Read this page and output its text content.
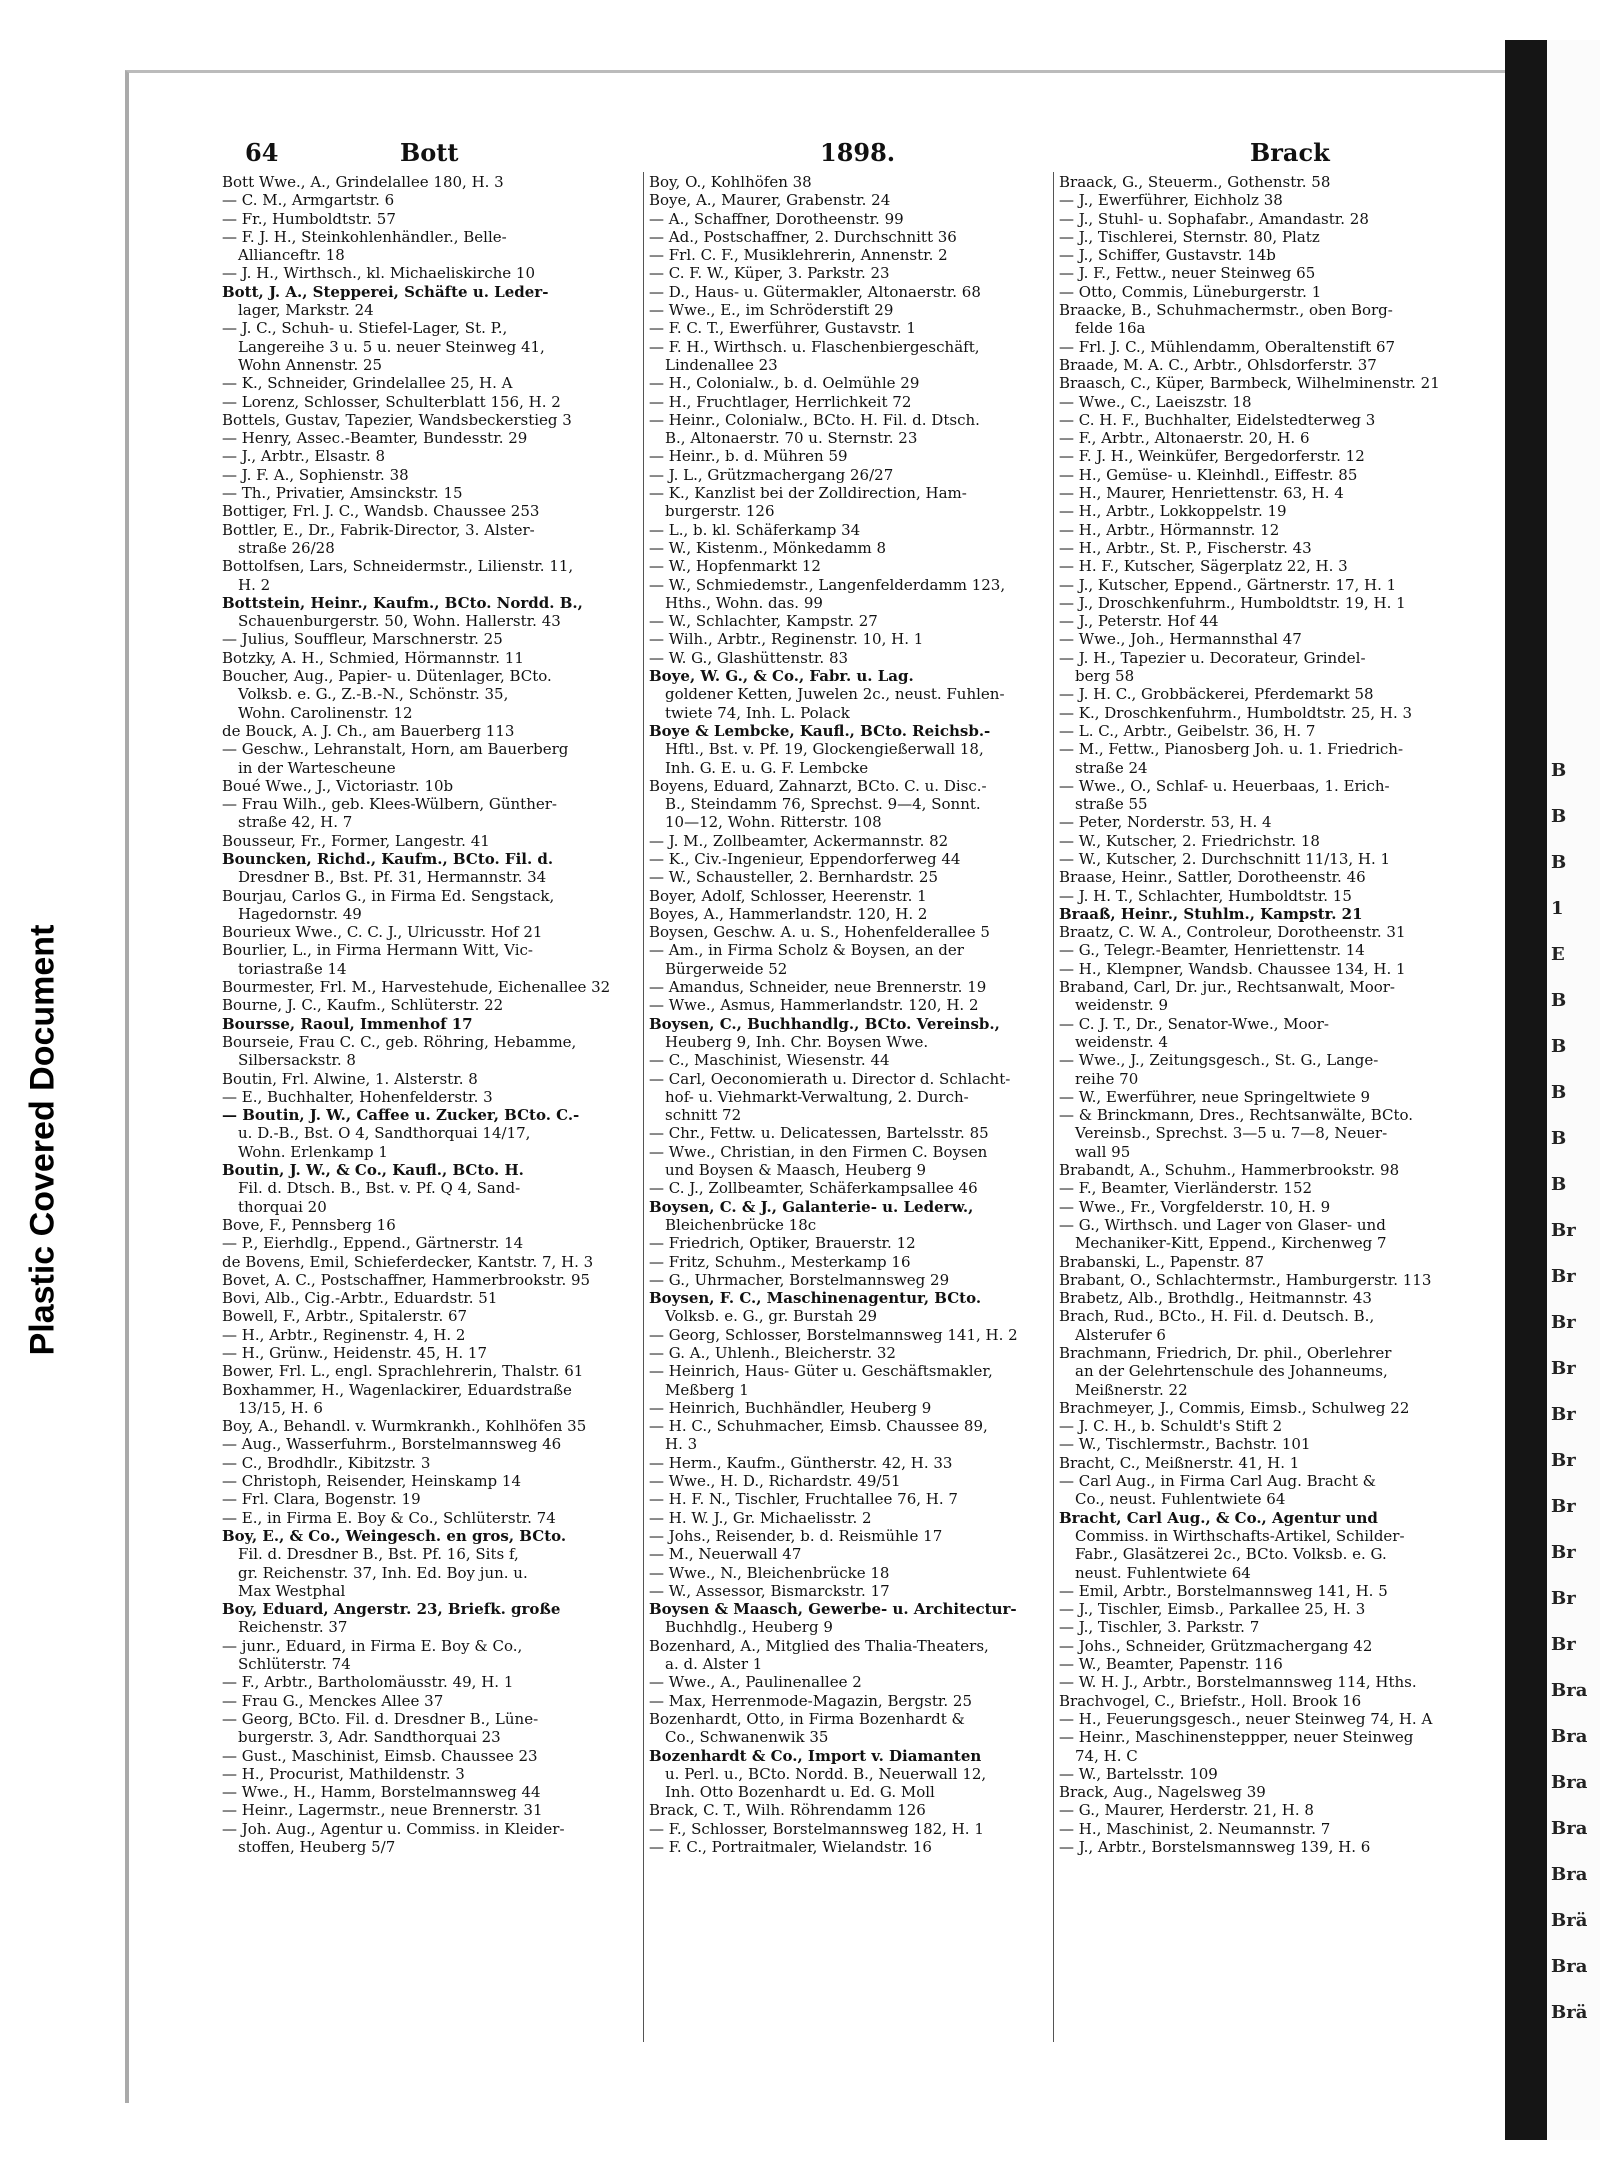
Plastic Covered Document
B
B
B
1
E
B
B
B
B
B
Br
Br
Br
Br
Br
Br
Br
Br
Br
Br
Bra
Bra
Bra
Bra
Bra
Brä
Bra
Brä
64	Bott	1898.	Brack
Bott Wwe., A., Grindelallee 180, H. 3
— C. M., Armgartstr. 6
— Fr., Humboldtstr. 57
— F. J. H., Steinkohlenhändler., Belle-
Allianceftr. 18
— J. H., Wirthsch., kl. Michaeliskirche 10
Bott, J. A., Stepperei, Schäfte u. Leder-
lager, Markstr. 24
— J. C., Schuh- u. Stiefel-Lager, St. P.,
Langereihe 3 u. 5 u. neuer Steinweg 41,
Wohn Annenstr. 25
— K., Schneider, Grindelallee 25, H. A
— Lorenz, Schlosser, Schulterblatt 156, H. 2
Bottels, Gustav, Tapezier, Wandsbeckerstieg 3
— Henry, Assec.-Beamter, Bundesstr. 29
— J., Arbtr., Elsastr. 8
— J. F. A., Sophienstr. 38
— Th., Privatier, Amsinckstr. 15
Bottiger, Frl. J. C., Wandsb. Chaussee 253
Bottler, E., Dr., Fabrik-Director, 3. Alster-
straße 26/28
Bottolfsen, Lars, Schneidermstr., Lilienstr. 11,
H. 2
Bottstein, Heinr., Kaufm., BCto. Nordd. B.,
Schauenburgerstr. 50, Wohn. Hallerstr. 43
— Julius, Souffleur, Marschnerstr. 25
Botzky, A. H., Schmied, Hörmannstr. 11
Boucher, Aug., Papier- u. Dütenlager, BCto.
Volksb. e. G., Z.-B.-N., Schönstr. 35,
Wohn. Carolinenstr. 12
de Bouck, A. J. Ch., am Bauerberg 113
— Geschw., Lehranstalt, Horn, am Bauerberg
in der Wartescheune
Boué Wwe., J., Victoriastr. 10b
— Frau Wilh., geb. Klees-Wülbern, Günther-
straße 42, H. 7
Bousseur, Fr., Former, Langestr. 41
Bouncken, Richd., Kaufm., BCto. Fil. d.
Dresdner B., Bst. Pf. 31, Hermannstr. 34
Bourjau, Carlos G., in Firma Ed. Sengstack,
Hagedornstr. 49
Bourieux Wwe., C. C. J., Ulricusstr. Hof 21
Bourlier, L., in Firma Hermann Witt, Vic-
toriastraße 14
Bourmester, Frl. M., Harvestehude, Eichenallee 32
Bourne, J. C., Kaufm., Schlüterstr. 22
Boursse, Raoul, Immenhof 17
Bourseie, Frau C. C., geb. Röhring, Hebamme,
Silbersackstr. 8
Boutin, Frl. Alwine, 1. Alsterstr. 8
— E., Buchhalter, Hohenfelderstr. 3
— Boutin, J. W., Caffee u. Zucker, BCto. C.-
u. D.-B., Bst. O 4, Sandthorquai 14/17,
Wohn. Erlenkamp 1
Boutin, J. W., & Co., Kaufl., BCto. H.
Fil. d. Dtsch. B., Bst. v. Pf. Q 4, Sand-
thorquai 20
Bove, F., Pennsberg 16
— P., Eierhdlg., Eppend., Gärtnerstr. 14
de Bovens, Emil, Schieferdecker, Kantstr. 7, H. 3
Bovet, A. C., Postschaffner, Hammerbrookstr. 95
Bovi, Alb., Cig.-Arbtr., Eduardstr. 51
Bowell, F., Arbtr., Spitalerstr. 67
— H., Arbtr., Reginenstr. 4, H. 2
— H., Grünw., Heidenstr. 45, H. 17
Bower, Frl. L., engl. Sprachlehrerin, Thalstr. 61
Boxhammer, H., Wagenlackirer, Eduardstraße
13/15, H. 6
Boy, A., Behandl. v. Wurmkrankh., Kohlhöfen 35
— Aug., Wasserfuhrm., Borstelmannsweg 46
— C., Brodhdlr., Kibitzstr. 3
— Christoph, Reisender, Heinskamp 14
— Frl. Clara, Bogenstr. 19
— E., in Firma E. Boy & Co., Schlüterstr. 74
Boy, E., & Co., Weingesch. en gros, BCto.
Fil. d. Dresdner B., Bst. Pf. 16, Sits f,
gr. Reichenstr. 37, Inh. Ed. Boy jun. u.
Max Westphal
Boy, Eduard, Angerstr. 23, Briefk. große
Reichenstr. 37
— junr., Eduard, in Firma E. Boy & Co.,
Schlüterstr. 74
— F., Arbtr., Bartholomäusstr. 49, H. 1
— Frau G., Menckes Allee 37
— Georg, BCto. Fil. d. Dresdner B., Lüne-
burgerstr. 3, Adr. Sandthorquai 23
— Gust., Maschinist, Eimsb. Chaussee 23
— H., Procurist, Mathildenstr. 3
— Wwe., H., Hamm, Borstelmannsweg 44
— Heinr., Lagermstr., neue Brennerstr. 31
— Joh. Aug., Agentur u. Commiss. in Kleider-
stoffen, Heuberg 5/7
Boy, O., Kohlhöfen 38
Boye, A., Maurer, Grabenstr. 24
— A., Schaffner, Dorotheenstr. 99
— Ad., Postschaffner, 2. Durchschnitt 36
— Frl. C. F., Musiklehrerin, Annenstr. 2
— C. F. W., Küper, 3. Parkstr. 23
— D., Haus- u. Gütermakler, Altonaerstr. 68
— Wwe., E., im Schröderstift 29
— F. C. T., Ewerführer, Gustavstr. 1
— F. H., Wirthsch. u. Flaschenbiergeschäft,
Lindenallee 23
— H., Colonialw., b. d. Oelmühle 29
— H., Fruchtlager, Herrlichkeit 72
— Heinr., Colonialw., BCto. H. Fil. d. Dtsch.
B., Altonaerstr. 70 u. Sternstr. 23
— Heinr., b. d. Mühren 59
— J. L., Grützmachergang 26/27
— K., Kanzlist bei der Zolldirection, Ham-
burgerstr. 126
— L., b. kl. Schäferkamp 34
— W., Kistenm., Mönkedamm 8
— W., Hopfenmarkt 12
— W., Schmiedemstr., Langenfelderdamm 123,
Hths., Wohn. das. 99
— W., Schlachter, Kampstr. 27
— Wilh., Arbtr., Reginenstr. 10, H. 1
— W. G., Glashüttenstr. 83
Boye, W. G., & Co., Fabr. u. Lag.
goldener Ketten, Juwelen 2c., neust. Fuhlen-
twiete 74, Inh. L. Polack
Boye & Lembcke, Kaufl., BCto. Reichsb.-
Hftl., Bst. v. Pf. 19, Glockengießerwall 18,
Inh. G. E. u. G. F. Lembcke
Boyens, Eduard, Zahnarzt, BCto. C. u. Disc.-
B., Steindamm 76, Sprechst. 9—4, Sonnt.
10—12, Wohn. Ritterstr. 108
— J. M., Zollbeamter, Ackermannstr. 82
— K., Civ.-Ingenieur, Eppendorferweg 44
— W., Schausteller, 2. Bernhardstr. 25
Boyer, Adolf, Schlosser, Heerenstr. 1
Boyes, A., Hammerlandstr. 120, H. 2
Boysen, Geschw. A. u. S., Hohenfelderallee 5
— Am., in Firma Scholz & Boysen, an der
Bürgerweide 52
— Amandus, Schneider, neue Brennerstr. 19
— Wwe., Asmus, Hammerlandstr. 120, H. 2
Boysen, C., Buchhandlg., BCto. Vereinsb.,
Heuberg 9, Inh. Chr. Boysen Wwe.
— C., Maschinist, Wiesenstr. 44
— Carl, Oeconomierath u. Director d. Schlacht-
hof- u. Viehmarkt-Verwaltung, 2. Durch-
schnitt 72
— Chr., Fettw. u. Delicatessen, Bartelsstr. 85
— Wwe., Christian, in den Firmen C. Boysen
und Boysen & Maasch, Heuberg 9
— C. J., Zollbeamter, Schäferkampsallee 46
Boysen, C. & J., Galanterie- u. Lederw.,
Bleichenbrücke 18c
— Friedrich, Optiker, Brauerstr. 12
— Fritz, Schuhm., Mesterkamp 16
— G., Uhrmacher, Borstelmannsweg 29
Boysen, F. C., Maschinenagentur, BCto.
Volksb. e. G., gr. Burstah 29
— Georg, Schlosser, Borstelmannsweg 141, H. 2
— G. A., Uhlenh., Bleicherstr. 32
— Heinrich, Haus- Güter u. Geschäftsmakler,
Meßberg 1
— Heinrich, Buchhändler, Heuberg 9
— H. C., Schuhmacher, Eimsb. Chaussee 89,
H. 3
— Herm., Kaufm., Güntherstr. 42, H. 33
— Wwe., H. D., Richardstr. 49/51
— H. F. N., Tischler, Fruchtallee 76, H. 7
— H. W. J., Gr. Michaelisstr. 2
— Johs., Reisender, b. d. Reismühle 17
— M., Neuerwall 47
— Wwe., N., Bleichenbrücke 18
— W., Assessor, Bismarckstr. 17
Boysen & Maasch, Gewerbe- u. Architectur-
Buchhdlg., Heuberg 9
Bozenhard, A., Mitglied des Thalia-Theaters,
a. d. Alster 1
— Wwe., A., Paulinenallee 2
— Max, Herrenmode-Magazin, Bergstr. 25
Bozenhardt, Otto, in Firma Bozenhardt &
Co., Schwanenwik 35
Bozenhardt & Co., Import v. Diamanten
u. Perl. u., BCto. Nordd. B., Neuerwall 12,
Inh. Otto Bozenhardt u. Ed. G. Moll
Brack, C. T., Wilh. Röhrendamm 126
— F., Schlosser, Borstelmannsweg 182, H. 1
— F. C., Portraitmaler, Wielandstr. 16
Braack, G., Steuerm., Gothenstr. 58
— J., Ewerführer, Eichholz 38
— J., Stuhl- u. Sophafabr., Amandastr. 28
— J., Tischlerei, Sternstr. 80, Platz
— J., Schiffer, Gustavstr. 14b
— J. F., Fettw., neuer Steinweg 65
— Otto, Commis, Lüneburgerstr. 1
Braacke, B., Schuhmachermstr., oben Borg-
felde 16a
— Frl. J. C., Mühlendamm, Oberaltenstift 67
Braade, M. A. C., Arbtr., Ohlsdorferstr. 37
Braasch, C., Küper, Barmbeck, Wilhelminenstr. 21
— Wwe., C., Laeiszstr. 18
— C. H. F., Buchhalter, Eidelstedterweg 3
— F., Arbtr., Altonaerstr. 20, H. 6
— F. J. H., Weinküfer, Bergedorferstr. 12
— H., Gemüse- u. Kleinhdl., Eiffestr. 85
— H., Maurer, Henriettenstr. 63, H. 4
— H., Arbtr., Lokkoppelstr. 19
— H., Arbtr., Hörmannstr. 12
— H., Arbtr., St. P., Fischerstr. 43
— H. F., Kutscher, Sägerplatz 22, H. 3
— J., Kutscher, Eppend., Gärtnerstr. 17, H. 1
— J., Droschkenfuhrm., Humboldtstr. 19, H. 1
— J., Peterstr. Hof 44
— Wwe., Joh., Hermannsthal 47
— J. H., Tapezier u. Decorateur, Grindel-
berg 58
— J. H. C., Grobbäckerei, Pferdemarkt 58
— K., Droschkenfuhrm., Humboldtstr. 25, H. 3
— L. C., Arbtr., Geibelstr. 36, H. 7
— M., Fettw., Pianosberg Joh. u. 1. Friedrich-
straße 24
— Wwe., O., Schlaf- u. Heuerbaas, 1. Erich-
straße 55
— Peter, Norderstr. 53, H. 4
— W., Kutscher, 2. Friedrichstr. 18
— W., Kutscher, 2. Durchschnitt 11/13, H. 1
Braase, Heinr., Sattler, Dorotheenstr. 46
— J. H. T., Schlachter, Humboldtstr. 15
Braaß, Heinr., Stuhlm., Kampstr. 21
Braatz, C. W. A., Controleur, Dorotheenstr. 31
— G., Telegr.-Beamter, Henriettenstr. 14
— H., Klempner, Wandsb. Chaussee 134, H. 1
Braband, Carl, Dr. jur., Rechtsanwalt, Moor-
weidenstr. 9
— C. J. T., Dr., Senator-Wwe., Moor-
weidenstr. 4
— Wwe., J., Zeitungsgesch., St. G., Lange-
reihe 70
— W., Ewerführer, neue Springeltwiete 9
— & Brinckmann, Dres., Rechtsanwälte, BCto.
Vereinsb., Sprechst. 3—5 u. 7—8, Neuer-
wall 95
Brabandt, A., Schuhm., Hammerbrookstr. 98
— F., Beamter, Vierländerstr. 152
— Wwe., Fr., Vorgfelderstr. 10, H. 9
— G., Wirthsch. und Lager von Glaser- und
Mechaniker-Kitt, Eppend., Kirchenweg 7
Brabanski, L., Papenstr. 87
Brabant, O., Schlachtermstr., Hamburgerstr. 113
Brabetz, Alb., Brothdlg., Heitmannstr. 43
Brach, Rud., BCto., H. Fil. d. Deutsch. B.,
Alsterufer 6
Brachmann, Friedrich, Dr. phil., Oberlehrer
an der Gelehrtenschule des Johanneums,
Meißnerstr. 22
Brachmeyer, J., Commis, Eimsb., Schulweg 22
— J. C. H., b. Schuldt's Stift 2
— W., Tischlermstr., Bachstr. 101
Bracht, C., Meißnerstr. 41, H. 1
— Carl Aug., in Firma Carl Aug. Bracht &
Co., neust. Fuhlentwiete 64
Bracht, Carl Aug., & Co., Agentur und
Commiss. in Wirthschafts-Artikel, Schilder-
Fabr., Glasätzerei 2c., BCto. Volksb. e. G.
neust. Fuhlentwiete 64
— Emil, Arbtr., Borstelmannsweg 141, H. 5
— J., Tischler, Eimsb., Parkallee 25, H. 3
— J., Tischler, 3. Parkstr. 7
— Johs., Schneider, Grützmachergang 42
— W., Beamter, Papenstr. 116
— W. H. J., Arbtr., Borstelmannsweg 114, Hths.
Brachvogel, C., Briefstr., Holl. Brook 16
— H., Feuerungsgesch., neuer Steinweg 74, H. A
— Heinr., Maschinensteppper, neuer Steinweg
74, H. C
— W., Bartelsstr. 109
Brack, Aug., Nagelsweg 39
— G., Maurer, Herderstr. 21, H. 8
— H., Maschinist, 2. Neumannstr. 7
— J., Arbtr., Borstelsmannsweg 139, H. 6
